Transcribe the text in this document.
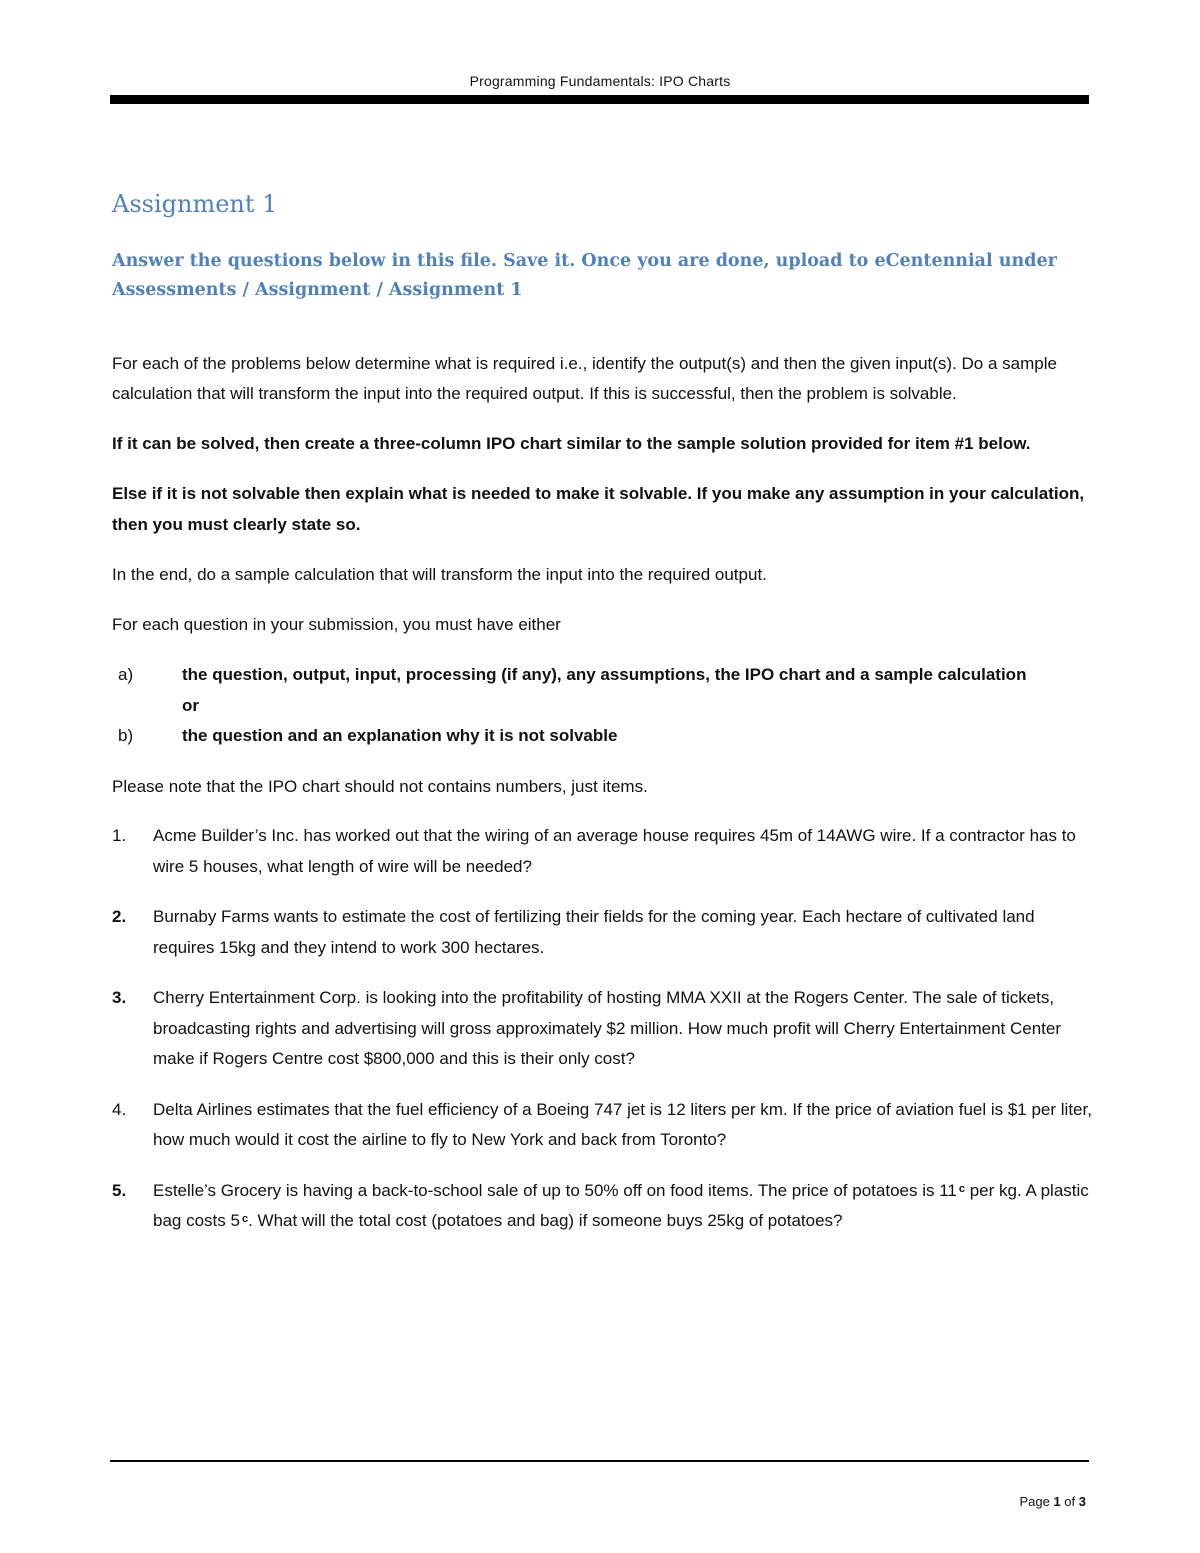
Programming Fundamentals: IPO Charts
Assignment 1

Answer the questions below in this file. Save it. Once you are done, upload to eCentennial under Assessments / Assignment / Assignment 1

For each of the problems below determine what is required i.e., identify the output(s) and then the given input(s). Do a sample calculation that will transform the input into the required output. If this is successful, then the problem is solvable.

If it can be solved, then create a three-column IPO chart similar to the sample solution provided for item #1 below.

Else if it is not solvable then explain what is needed to make it solvable. If you make any assumption in your calculation, then you must clearly state so.

In the end, do a sample calculation that will transform the input into the required output.

For each question in your submission, you must have either

a)	the question, output, input, processing (if any), any assumptions, the IPO chart and a sample calculation
or
b)	the question and an explanation why it is not solvable

Please note that the IPO chart should not contains numbers, just items.

1. Acme Builder’s Inc. has worked out that the wiring of an average house requires 45m of 14AWG wire. If a contractor has to wire 5 houses, what length of wire will be needed?
2. Burnaby Farms wants to estimate the cost of fertilizing their fields for the coming year. Each hectare of cultivated land requires 15kg and they intend to work 300 hectares.
3. Cherry Entertainment Corp. is looking into the profitability of hosting MMA XXII at the Rogers Center. The sale of tickets, broadcasting rights and advertising will gross approximately $2 million. How much profit will Cherry Entertainment Center make if Rogers Centre cost $800,000 and this is their only cost?
4. Delta Airlines estimates that the fuel efficiency of a Boeing 747 jet is 12 liters per km. If the price of aviation fuel is $1 per liter, how much would it cost the airline to fly to New York and back from Toronto?
5. Estelle’s Grocery is having a back-to-school sale of up to 50% off on food items. The price of potatoes is 11 $^c$ per kg. A plastic bag costs 5 $^c$. What will the total cost (potatoes and bag) if someone buys 25kg of potatoes?
Page 1 of 3
